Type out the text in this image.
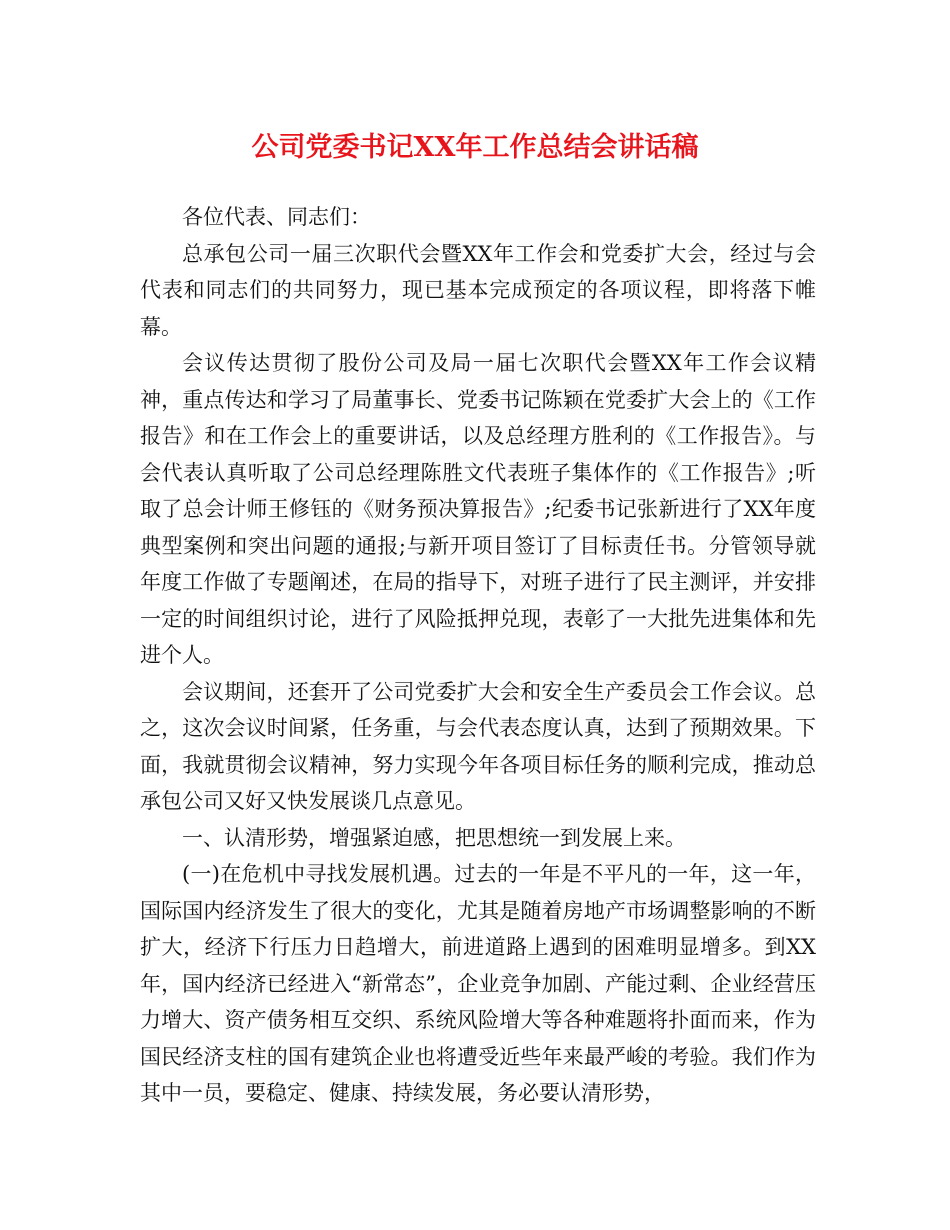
公司党委书记XX年工作总结会讲话稿

各位代表、同志们：

总承包公司一届三次职代会暨XX年工作会和党委扩大会，经过与会代表和同志们的共同努力，现已基本完成预定的各项议程，即将落下帷幕。

会议传达贯彻了股份公司及局一届七次职代会暨XX年工作会议精神，重点传达和学习了局董事长、党委书记陈颖在党委扩大会上的《工作报告》和在工作会上的重要讲话，以及总经理方胜利的《工作报告》。与会代表认真听取了公司总经理陈胜文代表班子集体作的《工作报告》;听取了总会计师王修钰的《财务预决算报告》;纪委书记张新进行了XX年度典型案例和突出问题的通报;与新开项目签订了目标责任书。分管领导就年度工作做了专题阐述，在局的指导下，对班子进行了民主测评，并安排一定的时间组织讨论，进行了风险抵押兑现，表彰了一大批先进集体和先进个人。

会议期间，还套开了公司党委扩大会和安全生产委员会工作会议。总之，这次会议时间紧，任务重，与会代表态度认真，达到了预期效果。下面，我就贯彻会议精神，努力实现今年各项目标任务的顺利完成，推动总承包公司又好又快发展谈几点意见。

一、认清形势，增强紧迫感，把思想统一到发展上来。

(一)在危机中寻找发展机遇。过去的一年是不平凡的一年，这一年，国际国内经济发生了很大的变化，尤其是随着房地产市场调整影响的不断扩大，经济下行压力日趋增大，前进道路上遇到的困难明显增多。到XX年，国内经济已经进入“新常态”，企业竞争加剧、产能过剩、企业经营压力增大、资产债务相互交织、系统风险增大等各种难题将扑面而来，作为国民经济支柱的国有建筑企业也将遭受近些年来最严峻的考验。我们作为其中一员，要稳定、健康、持续发展，务必要认清形势，
